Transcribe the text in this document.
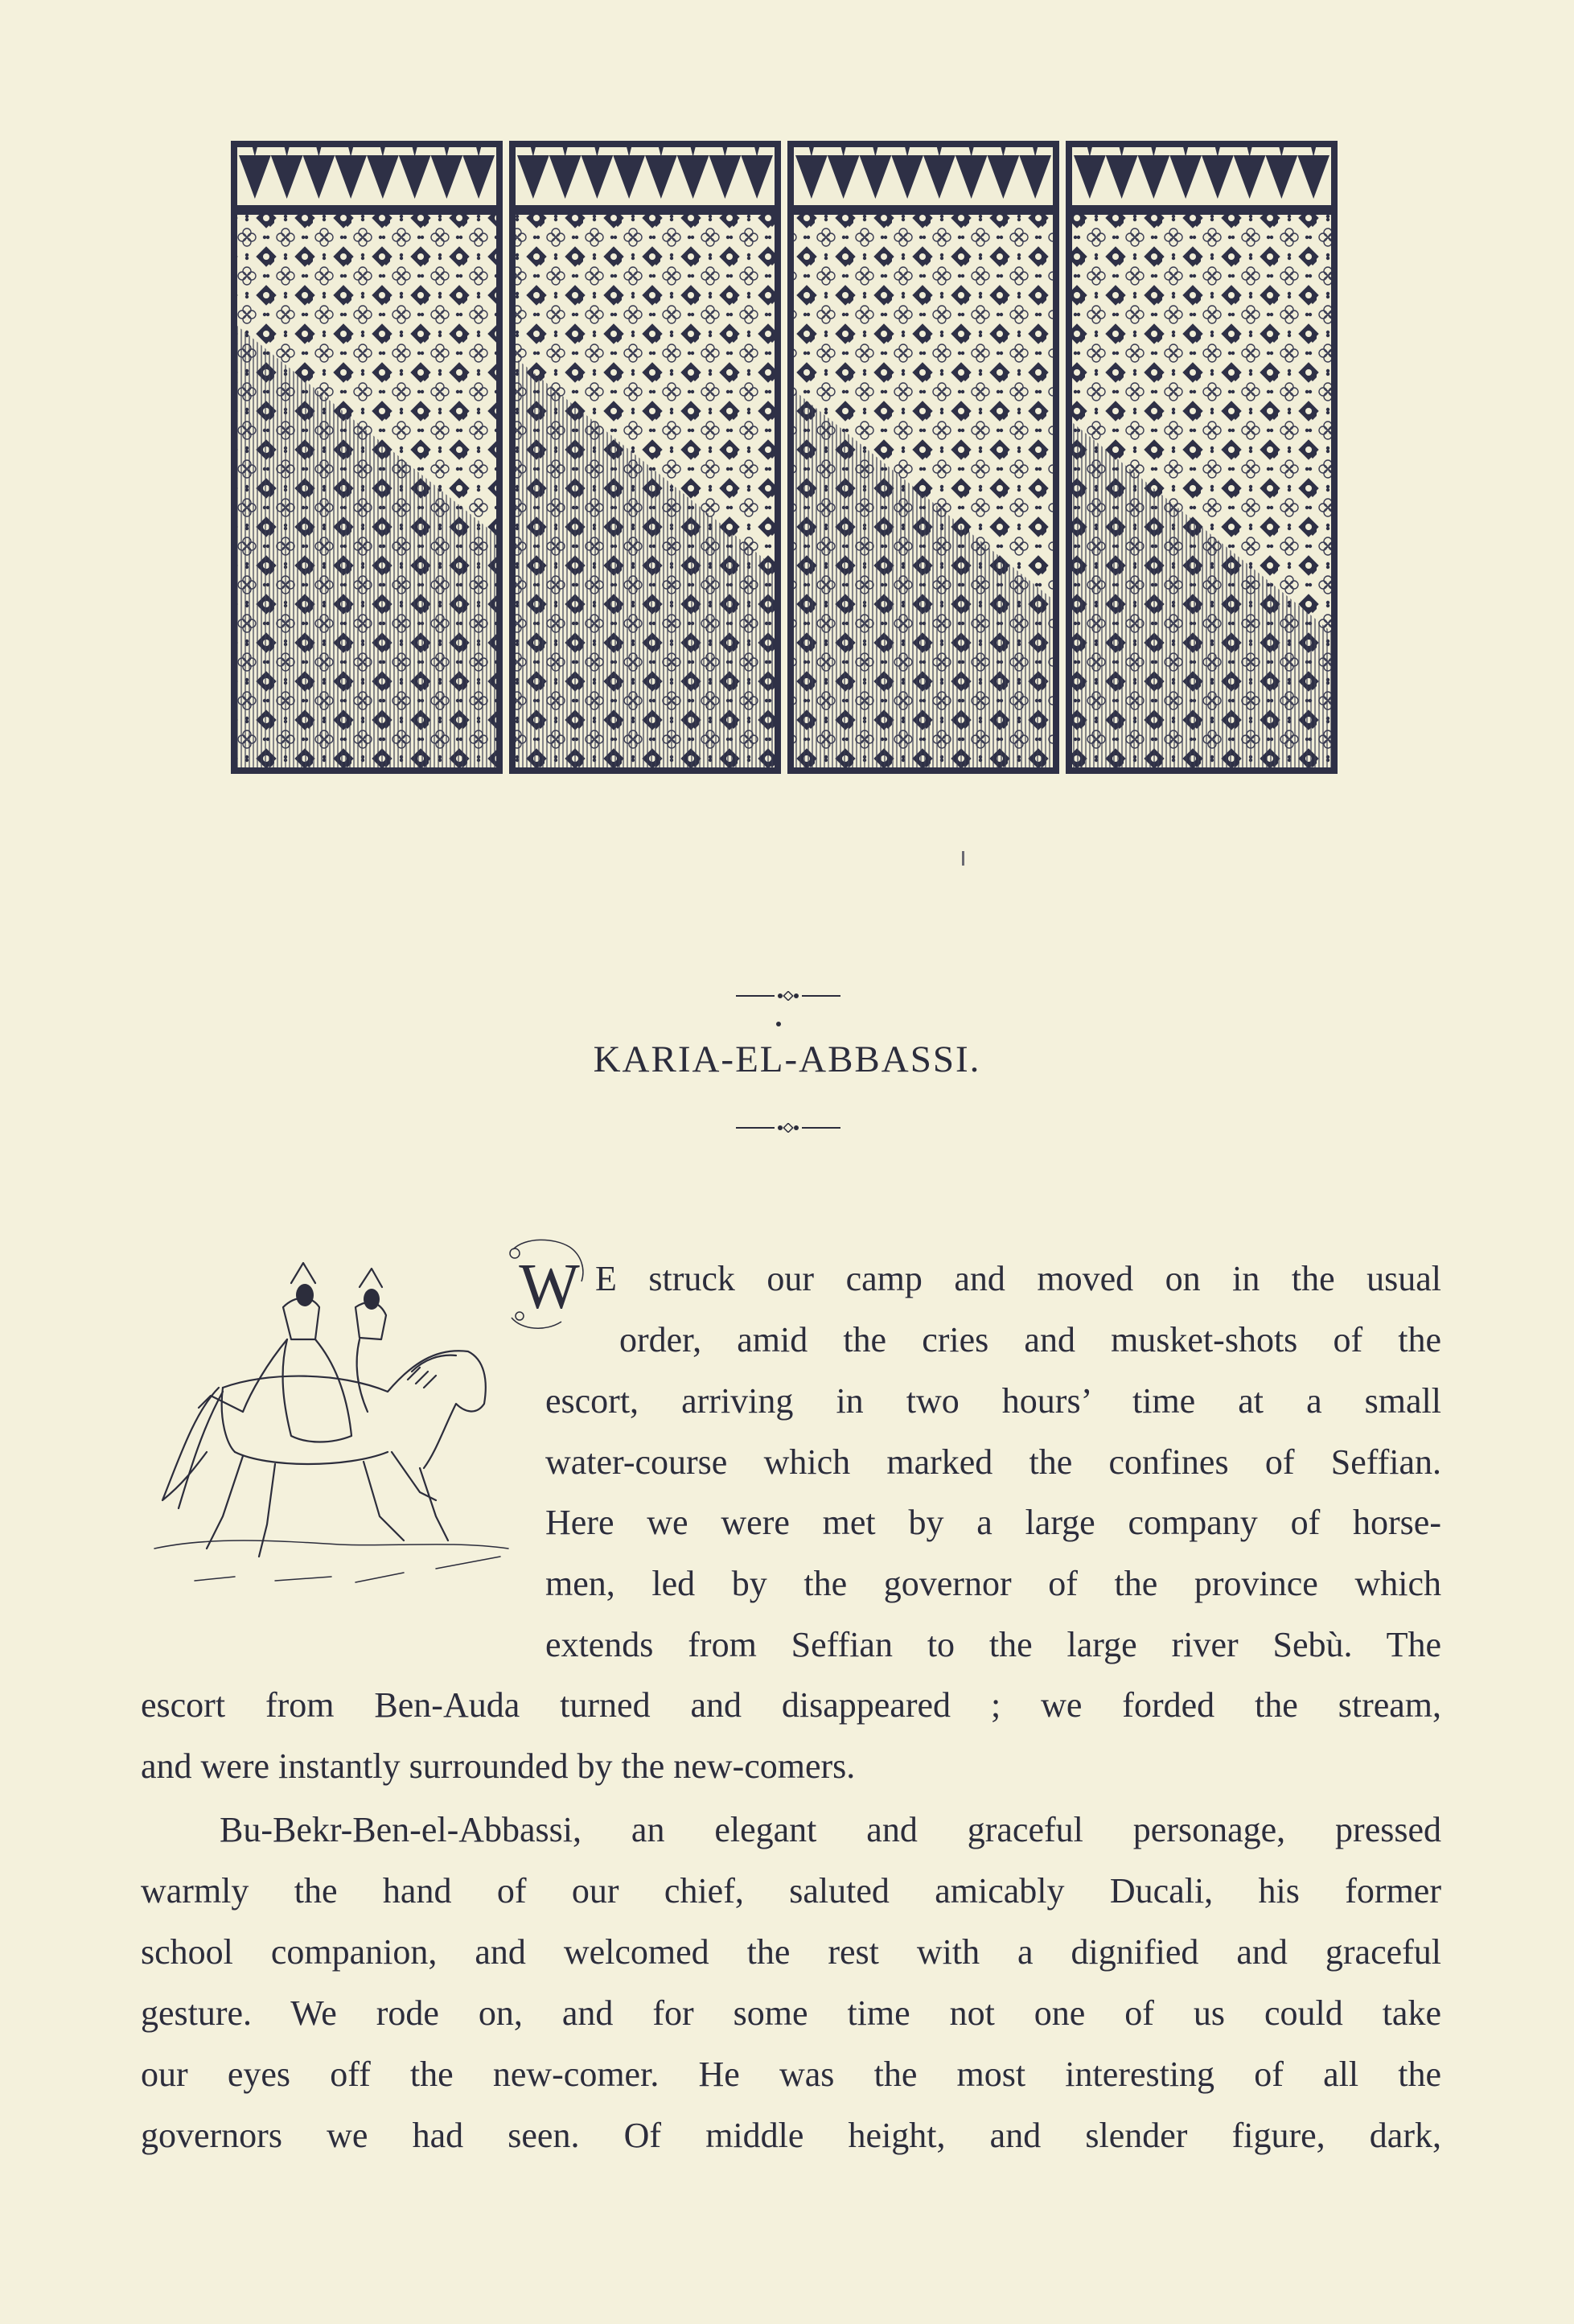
KARIA-EL-ABBASSI.
W E struck our camp and moved on in the usual
order, amid the cries and musket-shots of the
escort, arriving in two hours’ time at a small
water-course which marked the confines of Seffian.
Here we were met by a large company of horse-
men, led by the governor of the province which
extends from Seffian to the large river Sebù. The
escort from Ben-Auda turned and disappeared ; we forded the stream,
and were instantly surrounded by the new-comers.
Bu-Bekr-Ben-el-Abbassi, an elegant and graceful personage, pressed
warmly the hand of our chief, saluted amicably Ducali, his former
school companion, and welcomed the rest with a dignified and graceful
gesture. We rode on, and for some time not one of us could take
our eyes off the new-comer. He was the most interesting of all the
governors we had seen. Of middle height, and slender figure, dark,
